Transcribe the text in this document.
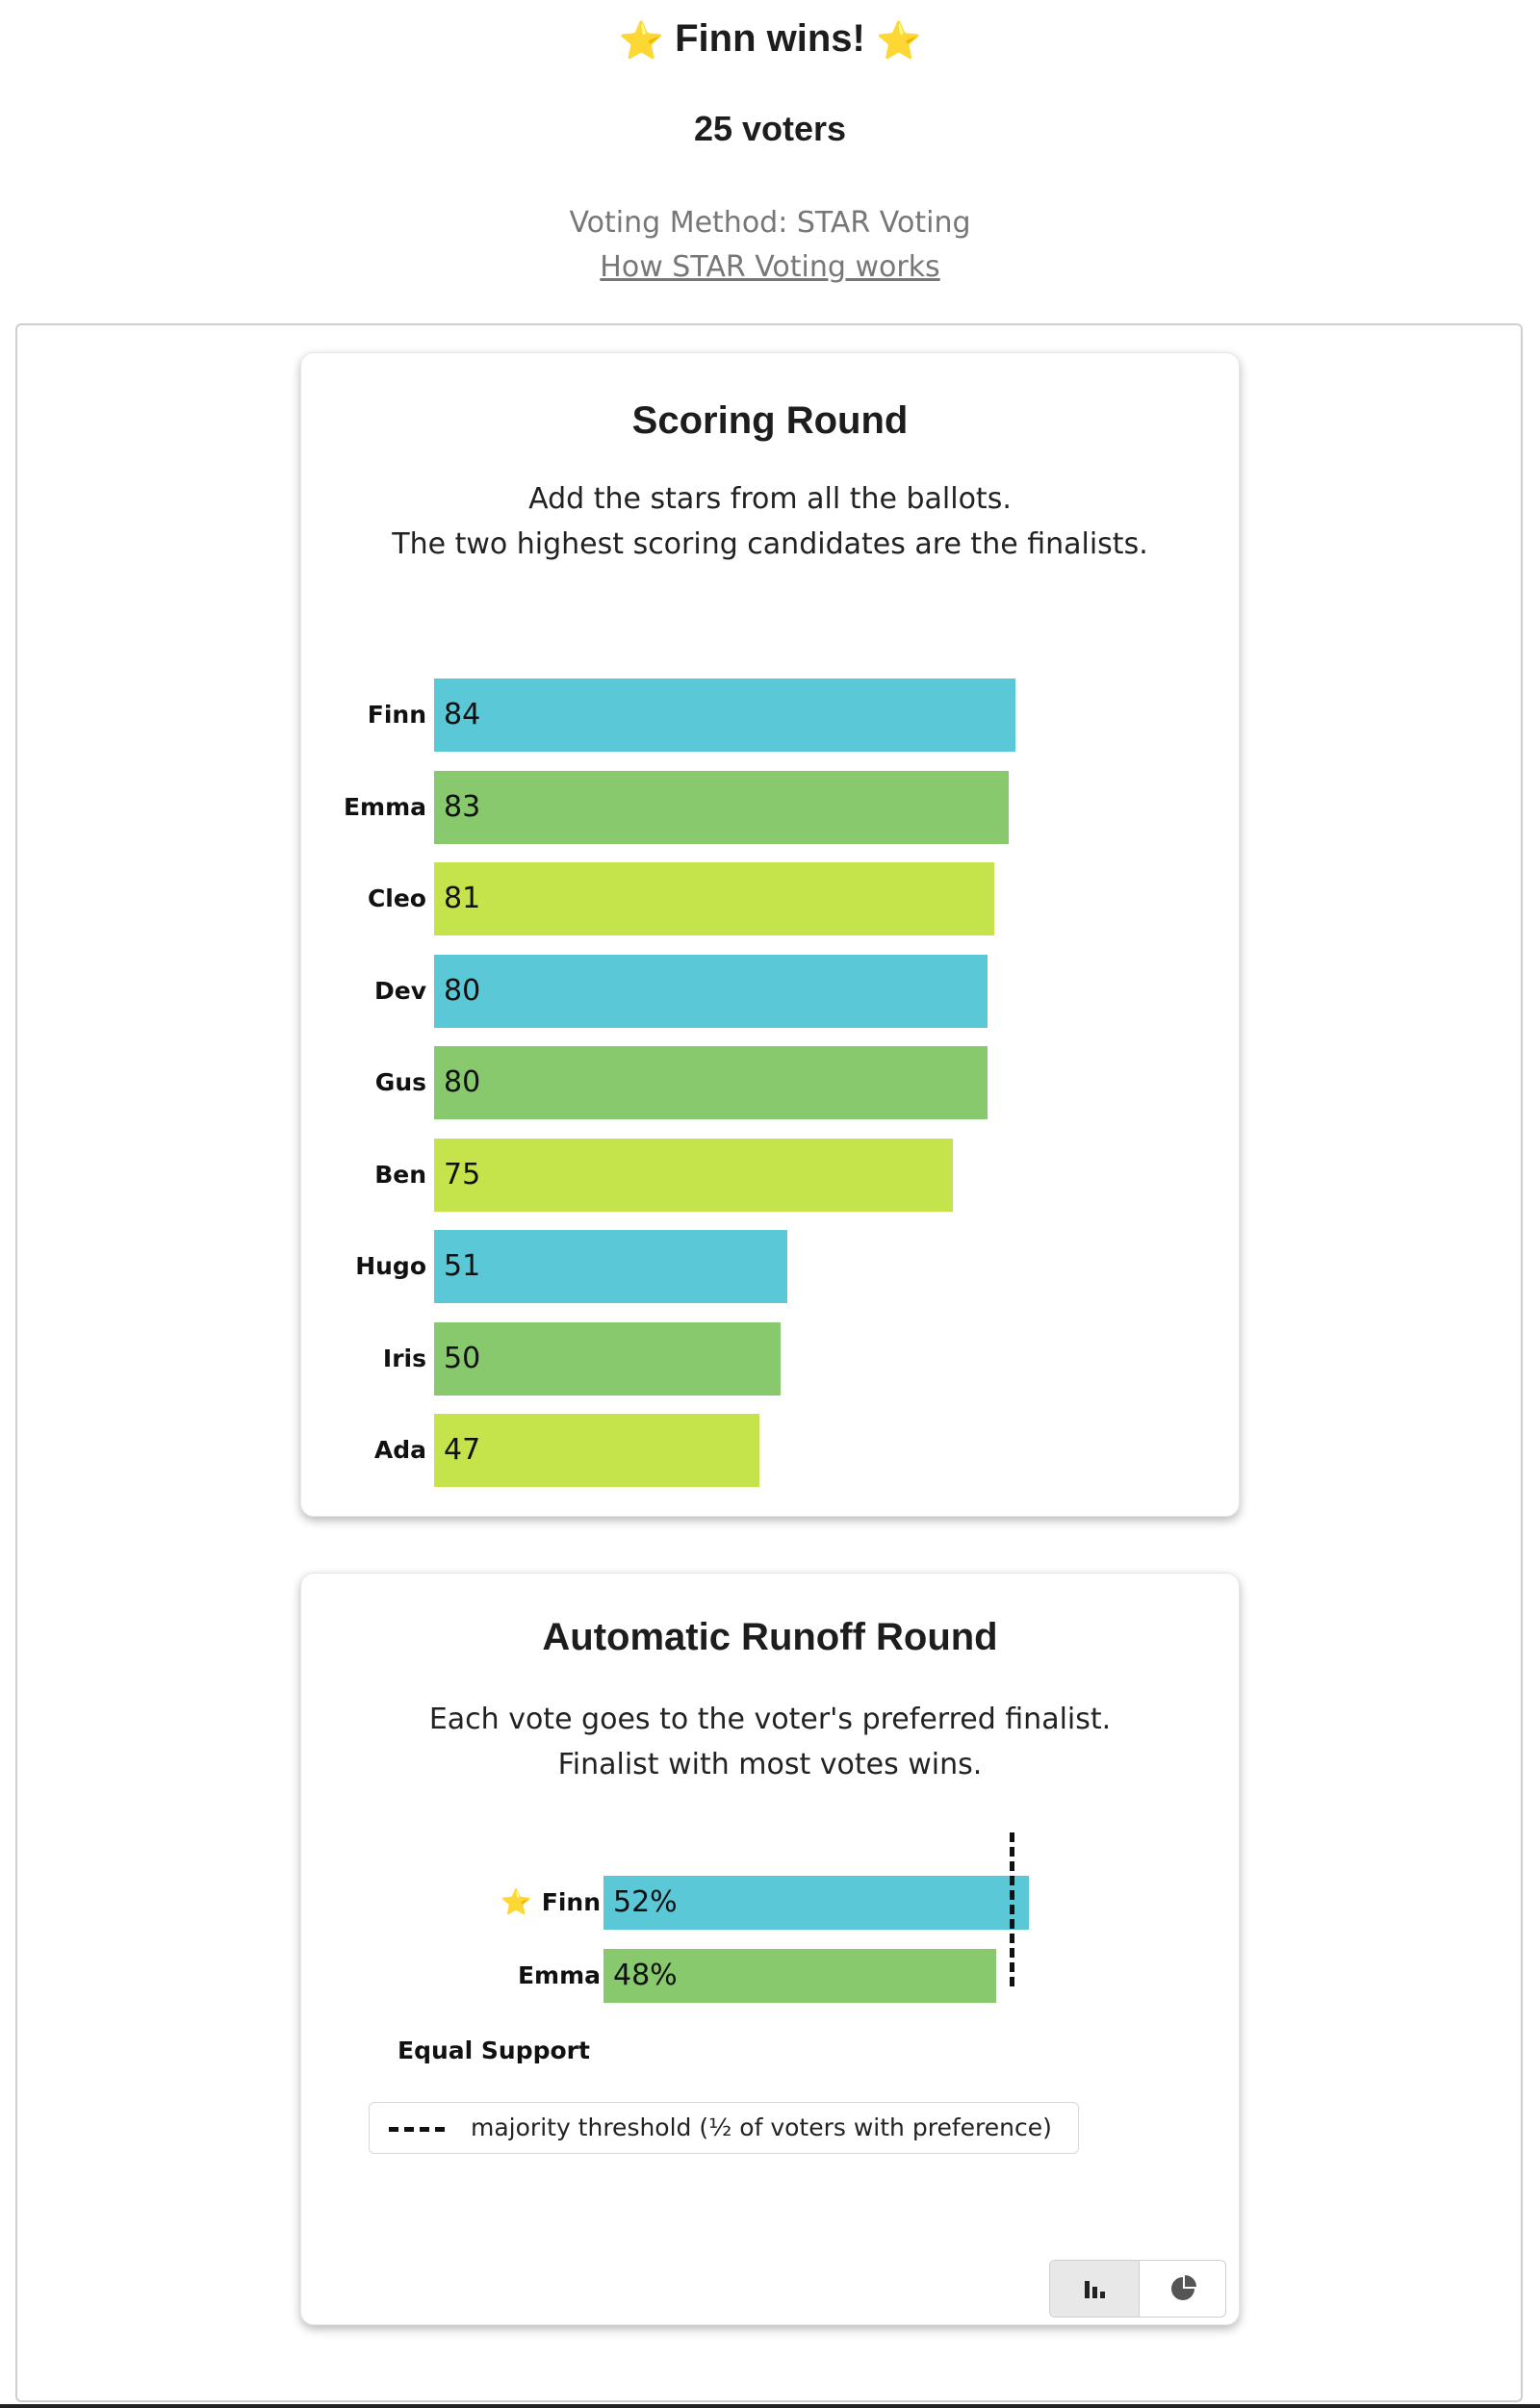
⭐ Finn wins! ⭐
25 voters
Voting Method: STAR Voting
How STAR Voting works
Scoring Round
Add the stars from all the ballots.
The two highest scoring candidates are the finalists.
Finn 84
Emma 83
Cleo 81
Dev 80
Gus 80
Ben 75
Hugo 51
Iris 50
Ada 47
Automatic Runoff Round
Each vote goes to the voter's preferred finalist.
Finalist with most votes wins.
⭐ Finn 52%
Emma 48%
Equal Support
majority threshold (½ of voters with preference)
